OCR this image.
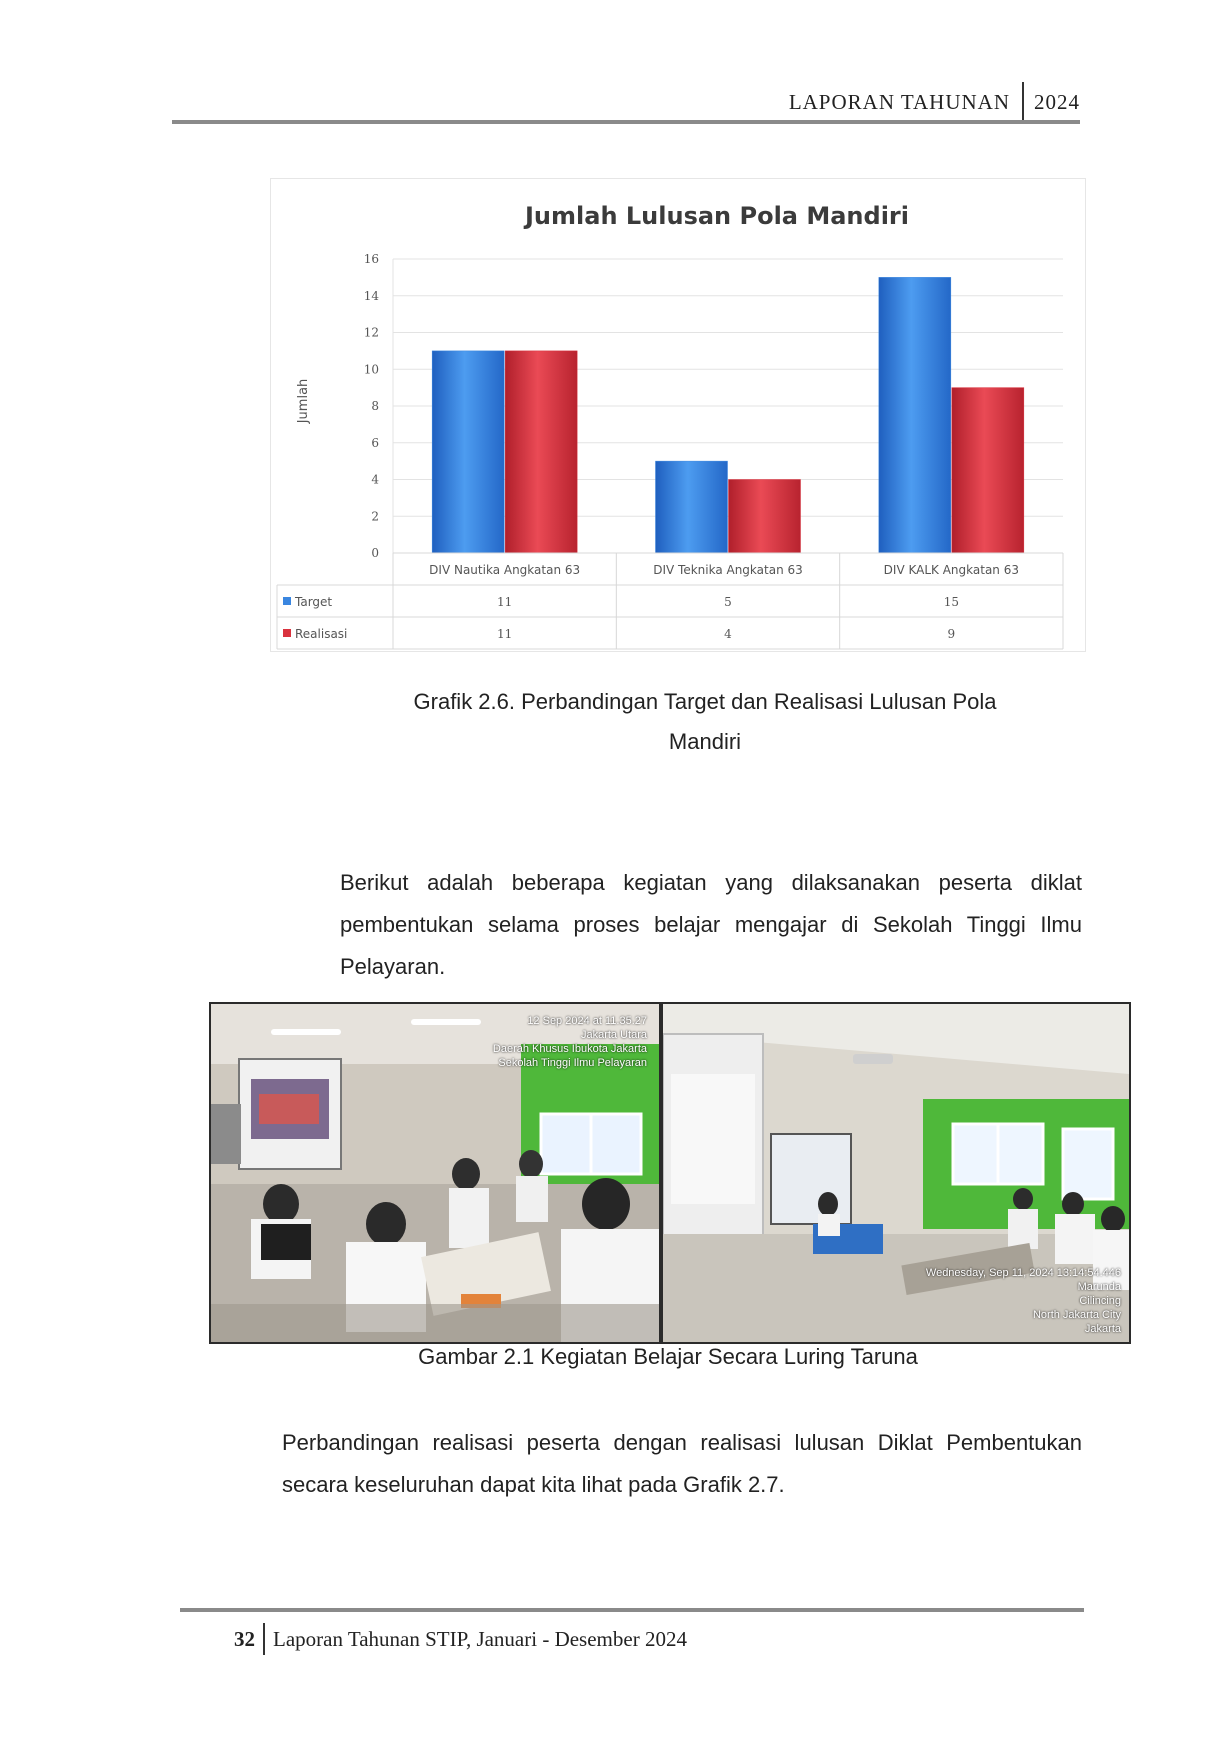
LAPORAN TAHUNAN 2024
Jumlah Lulusan Pola Mandiri
Jumlah
0
2
4
6
8
10
12
14
16
DIV Nautika Angkatan 63	DIV Teknika Angkatan 63	DIV KALK Angkatan 63
Target	11	5	15
Realisasi	11	4	9
Grafik 2.6. Perbandingan Target dan Realisasi Lulusan Pola
Mandiri
Berikut adalah beberapa kegiatan yang dilaksanakan peserta diklat pembentukan selama proses belajar mengajar di Sekolah Tinggi Ilmu Pelayaran.
12 Sep 2024 at 11.35.27
Jakarta Utara
Daerah Khusus Ibukota Jakarta
Sekolah Tinggi Ilmu Pelayaran
Wednesday, Sep 11, 2024 13:14:54.446
Marunda
Cilincing
North Jakarta City
Jakarta
Gambar 2.1 Kegiatan Belajar Secara Luring Taruna
Perbandingan realisasi peserta dengan realisasi lulusan Diklat Pembentukan secara keseluruhan dapat kita lihat pada Grafik 2.7.
32 Laporan Tahunan STIP, Januari - Desember 2024
